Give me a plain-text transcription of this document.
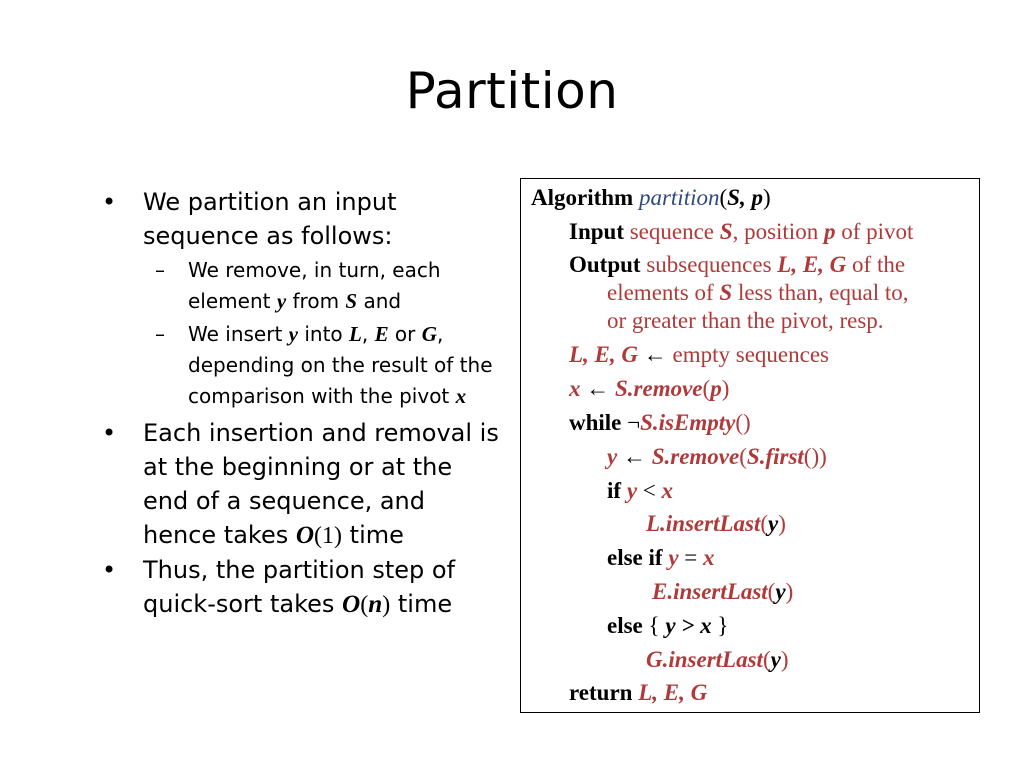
Partition
• We partition an input sequence as follows:
– We remove, in turn, each element y from S and
– We insert y into L, E or G, depending on the result of the comparison with the pivot x
• Each insertion and removal is at the beginning or at the end of a sequence, and hence takes O(1) time
• Thus, the partition step of quick-sort takes O(n) time
Algorithm partition(S, p)
Input sequence S, position p of pivot
Output subsequences L, E, G of the
elements of S less than, equal to,
or greater than the pivot, resp.
L, E, G ← empty sequences
x ← S.remove(p)
while ¬S.isEmpty()
y ← S.remove(S.first())
if y < x
L.insertLast(y)
else if y = x
E.insertLast(y)
else { y > x }
G.insertLast(y)
return L, E, G
